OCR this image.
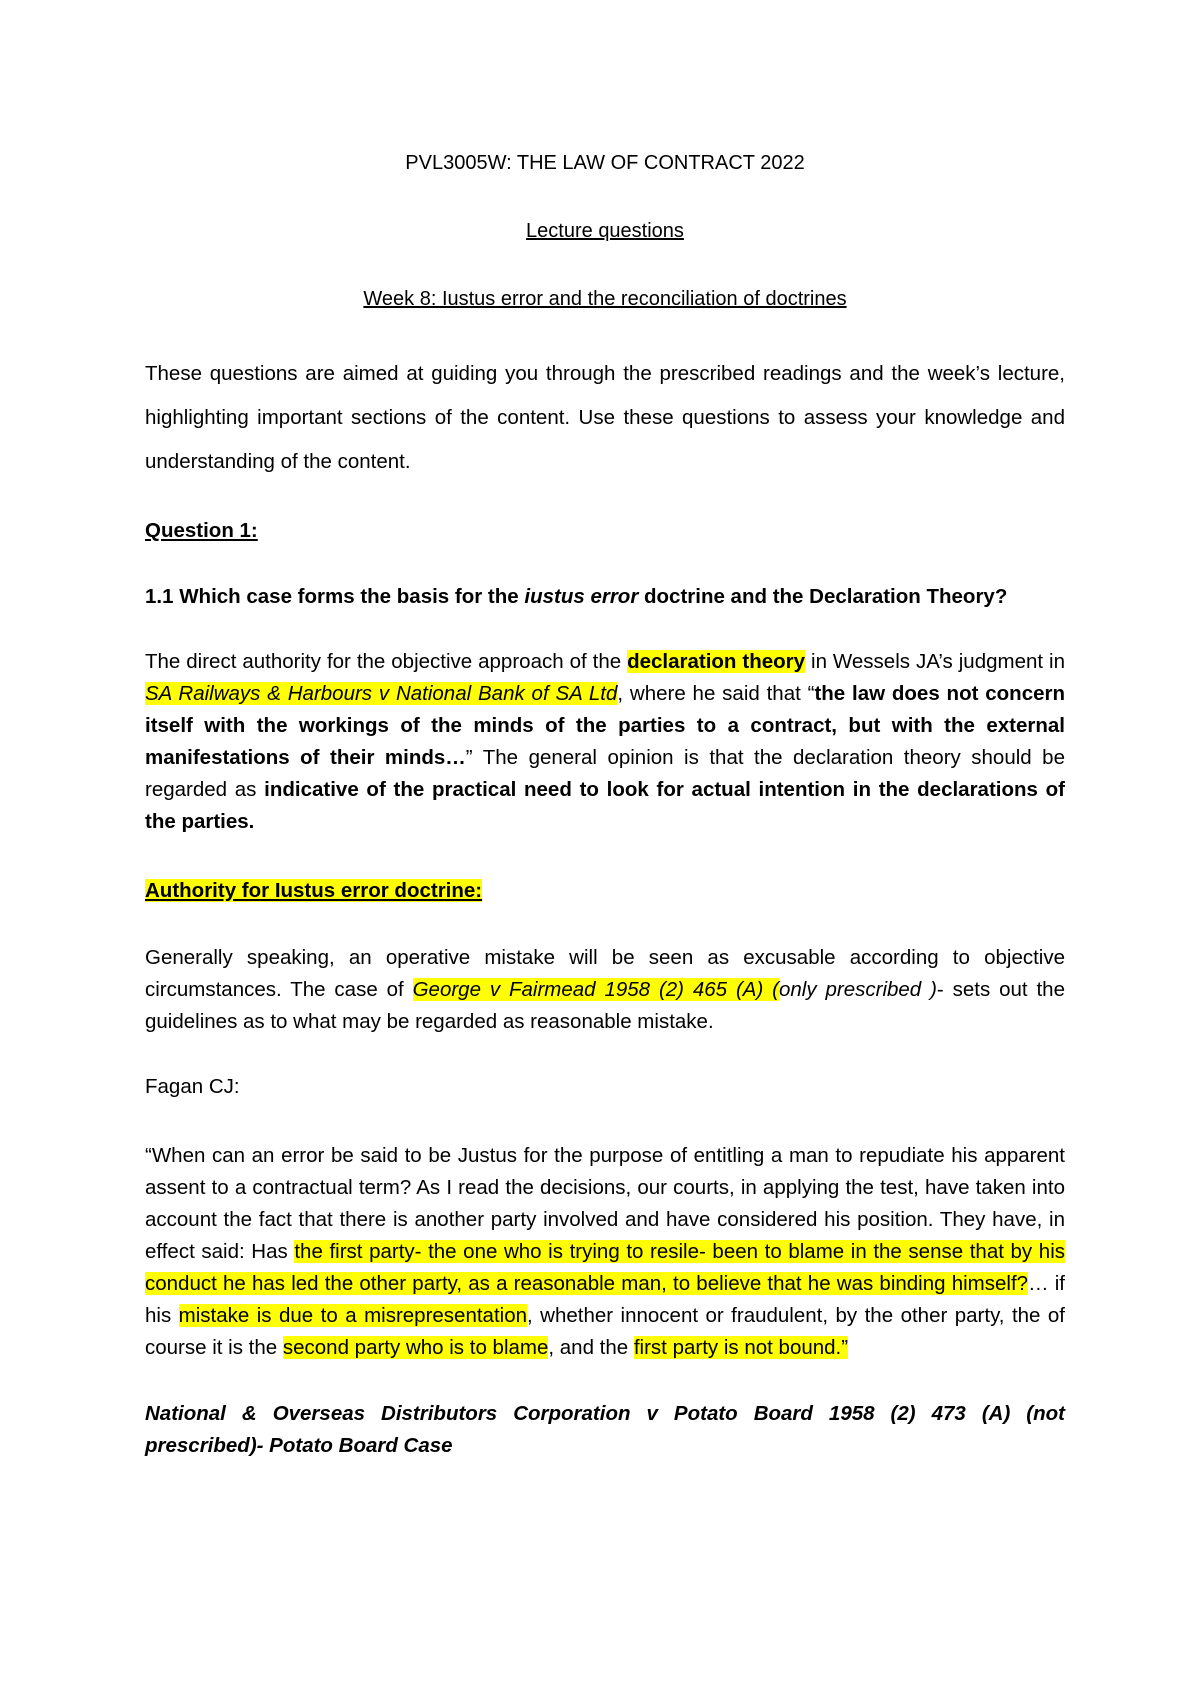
PVL3005W: THE LAW OF CONTRACT 2022

Lecture questions

Week 8: Iustus error and the reconciliation of doctrines

These questions are aimed at guiding you through the prescribed readings and the week’s lecture, highlighting important sections of the content. Use these questions to assess your knowledge and understanding of the content.

Question 1:

1.1 Which case forms the basis for the iustus error doctrine and the Declaration Theory?

The direct authority for the objective approach of the declaration theory in Wessels JA’s judgment in SA Railways & Harbours v National Bank of SA Ltd, where he said that “the law does not concern itself with the workings of the minds of the parties to a contract, but with the external manifestations of their minds…” The general opinion is that the declaration theory should be regarded as indicative of the practical need to look for actual intention in the declarations of the parties.

Authority for Iustus error doctrine:

Generally speaking, an operative mistake will be seen as excusable according to objective circumstances. The case of George v Fairmead 1958 (2) 465 (A) (only prescribed )- sets out the guidelines as to what may be regarded as reasonable mistake.

Fagan CJ:

“When can an error be said to be Justus for the purpose of entitling a man to repudiate his apparent assent to a contractual term? As I read the decisions, our courts, in applying the test, have taken into account the fact that there is another party involved and have considered his position. They have, in effect said: Has the first party- the one who is trying to resile- been to blame in the sense that by his conduct he has led the other party, as a reasonable man, to believe that he was binding himself?… if his mistake is due to a misrepresentation, whether innocent or fraudulent, by the other party, the of course it is the second party who is to blame, and the first party is not bound.”

National & Overseas Distributors Corporation v Potato Board 1958 (2) 473 (A) (not prescribed)- Potato Board Case
